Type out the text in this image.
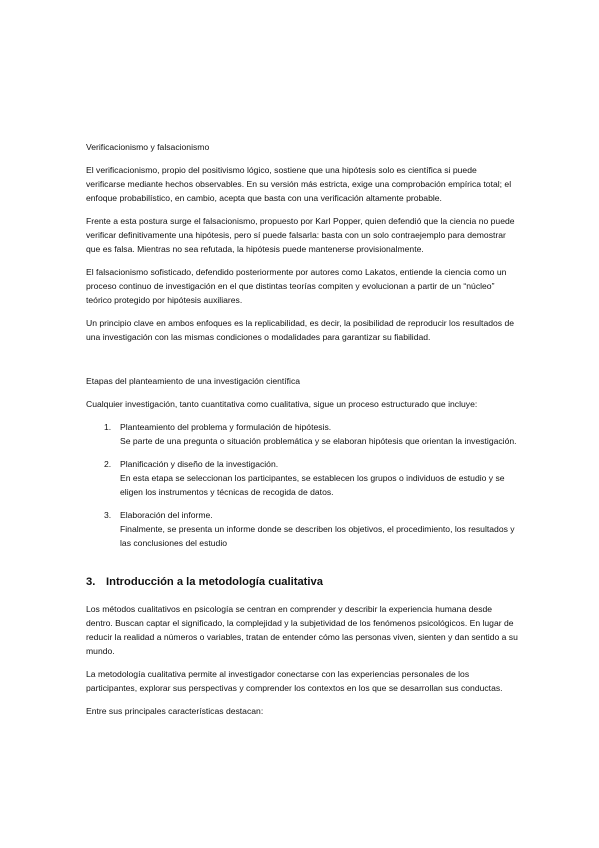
Verificacionismo y falsacionismo

El verificacionismo, propio del positivismo lógico, sostiene que una hipótesis solo es científica si puede verificarse mediante hechos observables. En su versión más estricta, exige una comprobación empírica total; el enfoque probabilístico, en cambio, acepta que basta con una verificación altamente probable.

Frente a esta postura surge el falsacionismo, propuesto por Karl Popper, quien defendió que la ciencia no puede verificar definitivamente una hipótesis, pero sí puede falsarla: basta con un solo contraejemplo para demostrar que es falsa. Mientras no sea refutada, la hipótesis puede mantenerse provisionalmente.

El falsacionismo sofisticado, defendido posteriormente por autores como Lakatos, entiende la ciencia como un proceso continuo de investigación en el que distintas teorías compiten y evolucionan a partir de un “núcleo” teórico protegido por hipótesis auxiliares.

Un principio clave en ambos enfoques es la replicabilidad, es decir, la posibilidad de reproducir los resultados de una investigación con las mismas condiciones o modalidades para garantizar su fiabilidad.

Etapas del planteamiento de una investigación científica

Cualquier investigación, tanto cuantitativa como cualitativa, sigue un proceso estructurado que incluye:

1. Planteamiento del problema y formulación de hipótesis.
Se parte de una pregunta o situación problemática y se elaboran hipótesis que orientan la investigación.
2. Planificación y diseño de la investigación.
En esta etapa se seleccionan los participantes, se establecen los grupos o individuos de estudio y se eligen los instrumentos y técnicas de recogida de datos.
3. Elaboración del informe.
Finalmente, se presenta un informe donde se describen los objetivos, el procedimiento, los resultados y las conclusiones del estudio
3. Introducción a la metodología cualitativa

Los métodos cualitativos en psicología se centran en comprender y describir la experiencia humana desde dentro. Buscan captar el significado, la complejidad y la subjetividad de los fenómenos psicológicos. En lugar de reducir la realidad a números o variables, tratan de entender cómo las personas viven, sienten y dan sentido a su mundo.

La metodología cualitativa permite al investigador conectarse con las experiencias personales de los participantes, explorar sus perspectivas y comprender los contextos en los que se desarrollan sus conductas.

Entre sus principales características destacan:
